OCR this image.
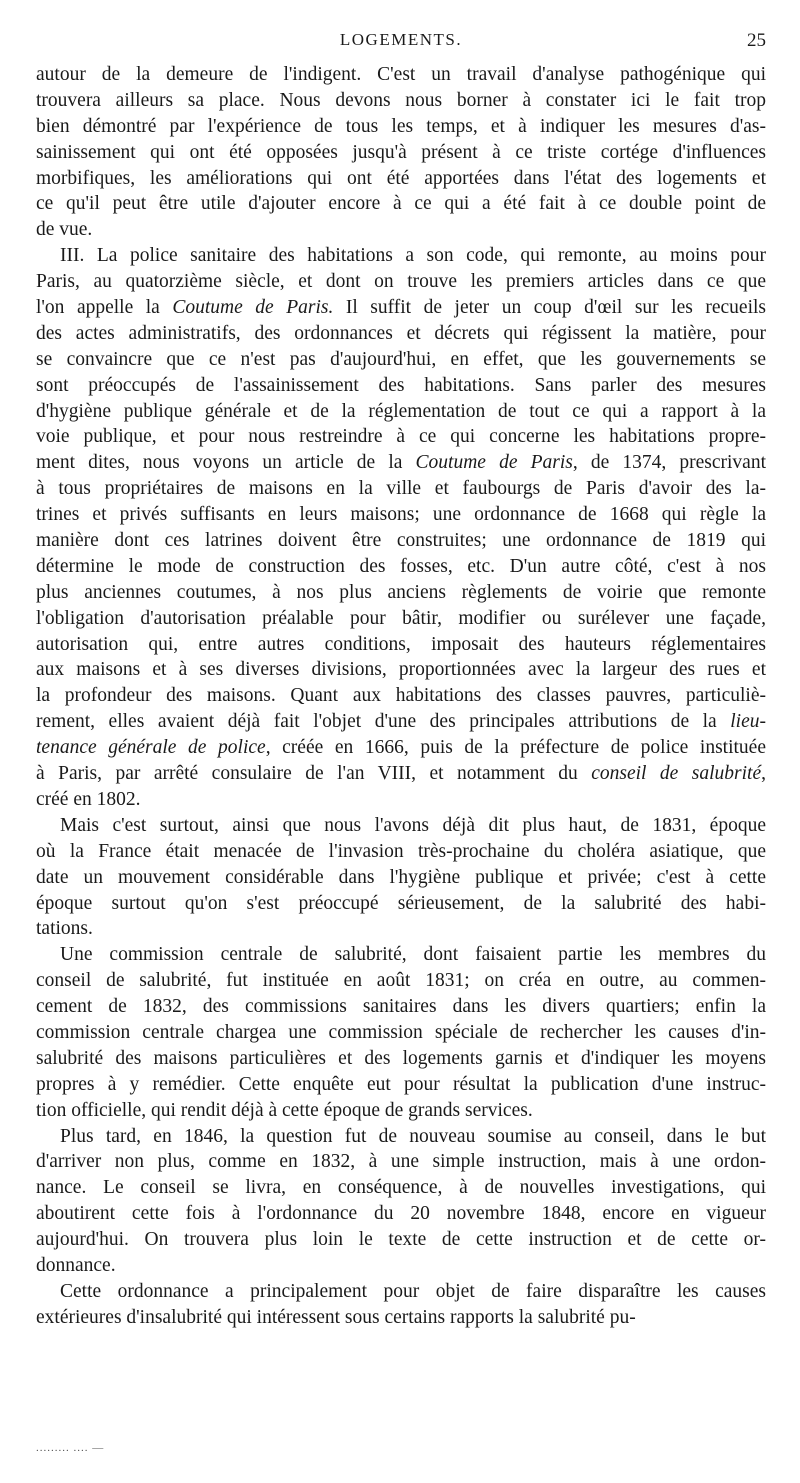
LOGEMENTS.	25
autour de la demeure de l'indigent. C'est un travail d'analyse pathogénique qui
trouvera ailleurs sa place. Nous devons nous borner à constater ici le fait trop
bien démontré par l'expérience de tous les temps, et à indiquer les mesures d'as-
sainissement qui ont été opposées jusqu'à présent à ce triste cortége d'influences
morbifiques, les améliorations qui ont été apportées dans l'état des logements et
ce qu'il peut être utile d'ajouter encore à ce qui a été fait à ce double point de
de vue.
III. La police sanitaire des habitations a son code, qui remonte, au moins pour
Paris, au quatorzième siècle, et dont on trouve les premiers articles dans ce que
l'on appelle la Coutume de Paris. Il suffit de jeter un coup d'œil sur les recueils
des actes administratifs, des ordonnances et décrets qui régissent la matière, pour
se convaincre que ce n'est pas d'aujourd'hui, en effet, que les gouvernements se
sont préoccupés de l'assainissement des habitations. Sans parler des mesures
d'hygiène publique générale et de la réglementation de tout ce qui a rapport à la
voie publique, et pour nous restreindre à ce qui concerne les habitations propre-
ment dites, nous voyons un article de la Coutume de Paris, de 1374, prescrivant
à tous propriétaires de maisons en la ville et faubourgs de Paris d'avoir des la-
trines et privés suffisants en leurs maisons; une ordonnance de 1668 qui règle la
manière dont ces latrines doivent être construites; une ordonnance de 1819 qui
détermine le mode de construction des fosses, etc. D'un autre côté, c'est à nos
plus anciennes coutumes, à nos plus anciens règlements de voirie que remonte
l'obligation d'autorisation préalable pour bâtir, modifier ou surélever une façade,
autorisation qui, entre autres conditions, imposait des hauteurs réglementaires
aux maisons et à ses diverses divisions, proportionnées avec la largeur des rues et
la profondeur des maisons. Quant aux habitations des classes pauvres, particuliè-
rement, elles avaient déjà fait l'objet d'une des principales attributions de la lieu-
tenance générale de police, créée en 1666, puis de la préfecture de police instituée
à Paris, par arrêté consulaire de l'an VIII, et notamment du conseil de salubrité,
créé en 1802.
Mais c'est surtout, ainsi que nous l'avons déjà dit plus haut, de 1831, époque
où la France était menacée de l'invasion très-prochaine du choléra asiatique, que
date un mouvement considérable dans l'hygiène publique et privée; c'est à cette
époque surtout qu'on s'est préoccupé sérieusement, de la salubrité des habi-
tations.
Une commission centrale de salubrité, dont faisaient partie les membres du
conseil de salubrité, fut instituée en août 1831; on créa en outre, au commen-
cement de 1832, des commissions sanitaires dans les divers quartiers; enfin la
commission centrale chargea une commission spéciale de rechercher les causes d'in-
salubrité des maisons particulières et des logements garnis et d'indiquer les moyens
propres à y remédier. Cette enquête eut pour résultat la publication d'une instruc-
tion officielle, qui rendit déjà à cette époque de grands services.
Plus tard, en 1846, la question fut de nouveau soumise au conseil, dans le but
d'arriver non plus, comme en 1832, à une simple instruction, mais à une ordon-
nance. Le conseil se livra, en conséquence, à de nouvelles investigations, qui
aboutirent cette fois à l'ordonnance du 20 novembre 1848, encore en vigueur
aujourd'hui. On trouvera plus loin le texte de cette instruction et de cette or-
donnance.
Cette ordonnance a principalement pour objet de faire disparaître les causes
extérieures d'insalubrité qui intéressent sous certains rapports la salubrité pu-
......... .... —
